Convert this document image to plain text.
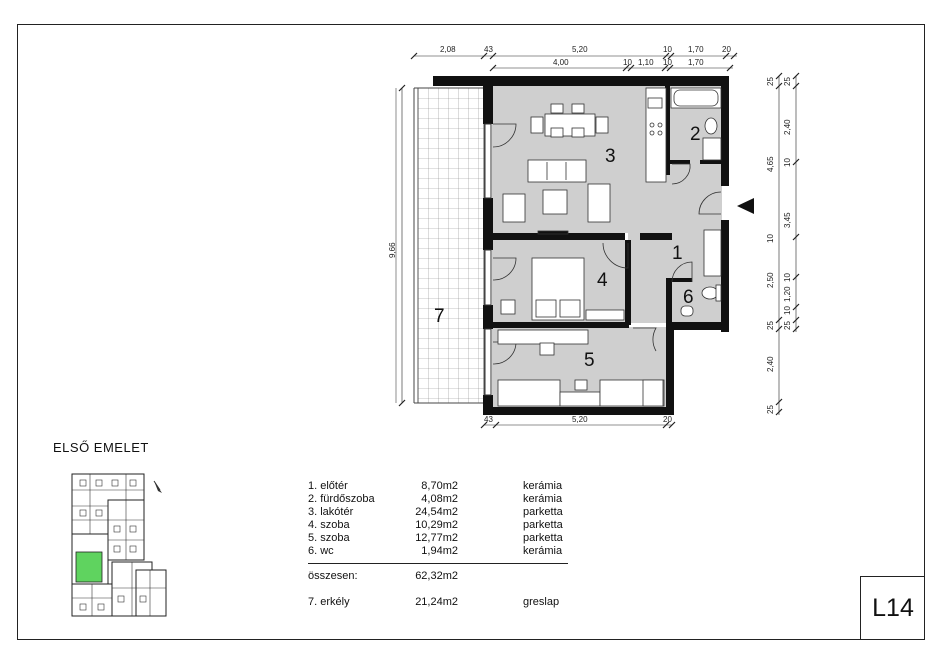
1
2
3
4
5
6
7
2,08	43	5,20	10 1,70 20
4,00	10 1,10 10 1,70
43	5,20	20
9,66
25 25
2,40
10
4,65
3,45
10
2,50 10
1,20
10
25 25
2,40
25
ELSŐ EMELET
1. előtér	8,70m2	kerámia
2. fürdőszoba	4,08m2	kerámia
3. lakótér	24,54m2	parketta
4. szoba	10,29m2	parketta
5. szoba	12,77m2	parketta
6. wc	1,94m2	kerámia
összesen:	62,32m2
7. erkély	21,24m2	greslap	L14
